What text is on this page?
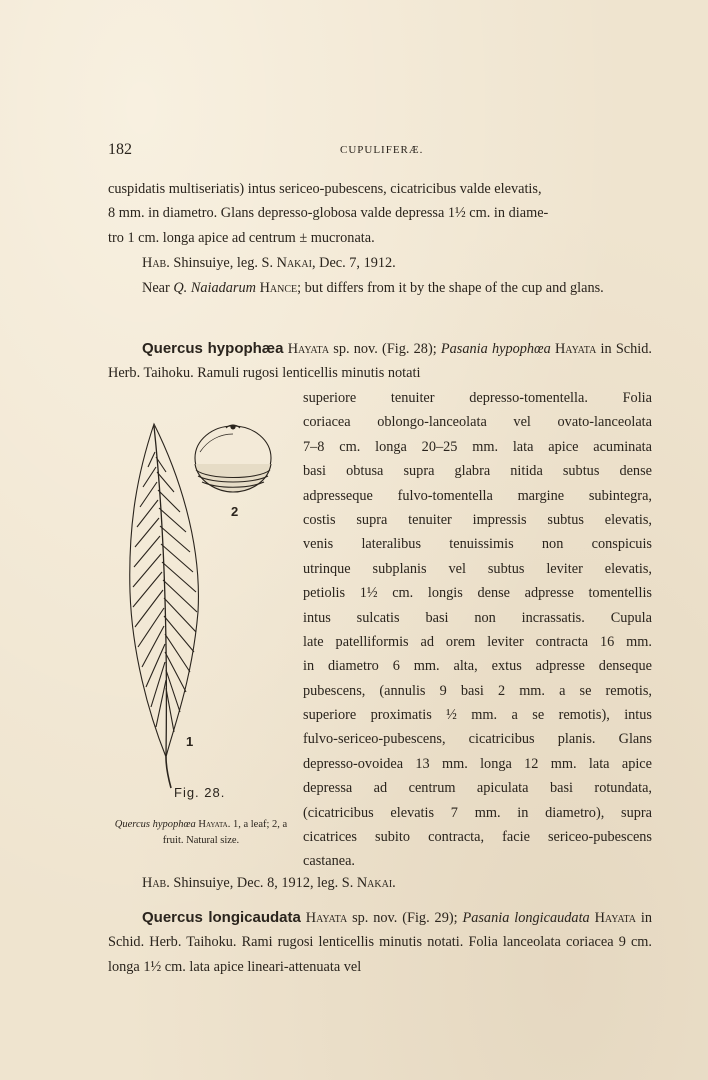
182	CUPULIFERÆ.

cuspidatis multiseriatis) intus sericeo-pubescens, cicatricibus valde elevatis,
8 mm. in diametro. Glans depresso-globosa valde depressa 1½ cm. in diame-
tro 1 cm. longa apice ad centrum ± mucronata.

Hab. Shinsuiye, leg. S. Nakai, Dec. 7, 1912.

Near Q. Naiadarum Hance; but differs from it by the shape of the cup and glans.

Quercus hypophæa Hayata sp. nov. (Fig. 28); Pasania hypophœa Hayata in Schid. Herb. Taihoku. Ramuli rugosi lenticellis minutis notati

superiore tenuiter depresso-tomentella. Folia
coriacea oblongo-lanceolata vel ovato-lanceolata
7–8 cm. longa 20–25 mm. lata apice acuminata
basi obtusa supra glabra nitida subtus dense
adpresseque fulvo-tomentella margine subintegra,
costis supra tenuiter impressis subtus elevatis,
venis lateralibus tenuissimis non conspicuis
utrinque subplanis vel subtus leviter elevatis,
petiolis 1½ cm. longis dense adpresse tomentellis
intus sulcatis basi non incrassatis. Cupula
late patelliformis ad orem leviter contracta 16 mm.
in diametro 6 mm. alta, extus adpresse denseque
pubescens, (annulis 9 basi 2 mm. a se remotis,
superiore proximatis ½ mm. a se remotis), intus
fulvo-sericeo-pubescens, cicatricibus planis. Glans
depresso-ovoidea 13 mm. longa 12 mm. lata apice
depressa ad centrum apiculata basi rotundata,
(cicatricibus elevatis 7 mm. in diametro), supra
cicatrices subito contracta, facie sericeo-pubescens
castanea.
1
2
Fig. 28.
Quercus hypophœa Hayata. 1, a leaf; 2, a fruit. Natural size.

Hab. Shinsuiye, Dec. 8, 1912, leg. S. Nakai.

Quercus longicaudata Hayata sp. nov. (Fig. 29); Pasania longicaudata Hayata in Schid. Herb. Taihoku. Rami rugosi lenticellis minutis notati. Folia lanceolata coriacea 9 cm. longa 1½ cm. lata apice lineari-attenuata vel
